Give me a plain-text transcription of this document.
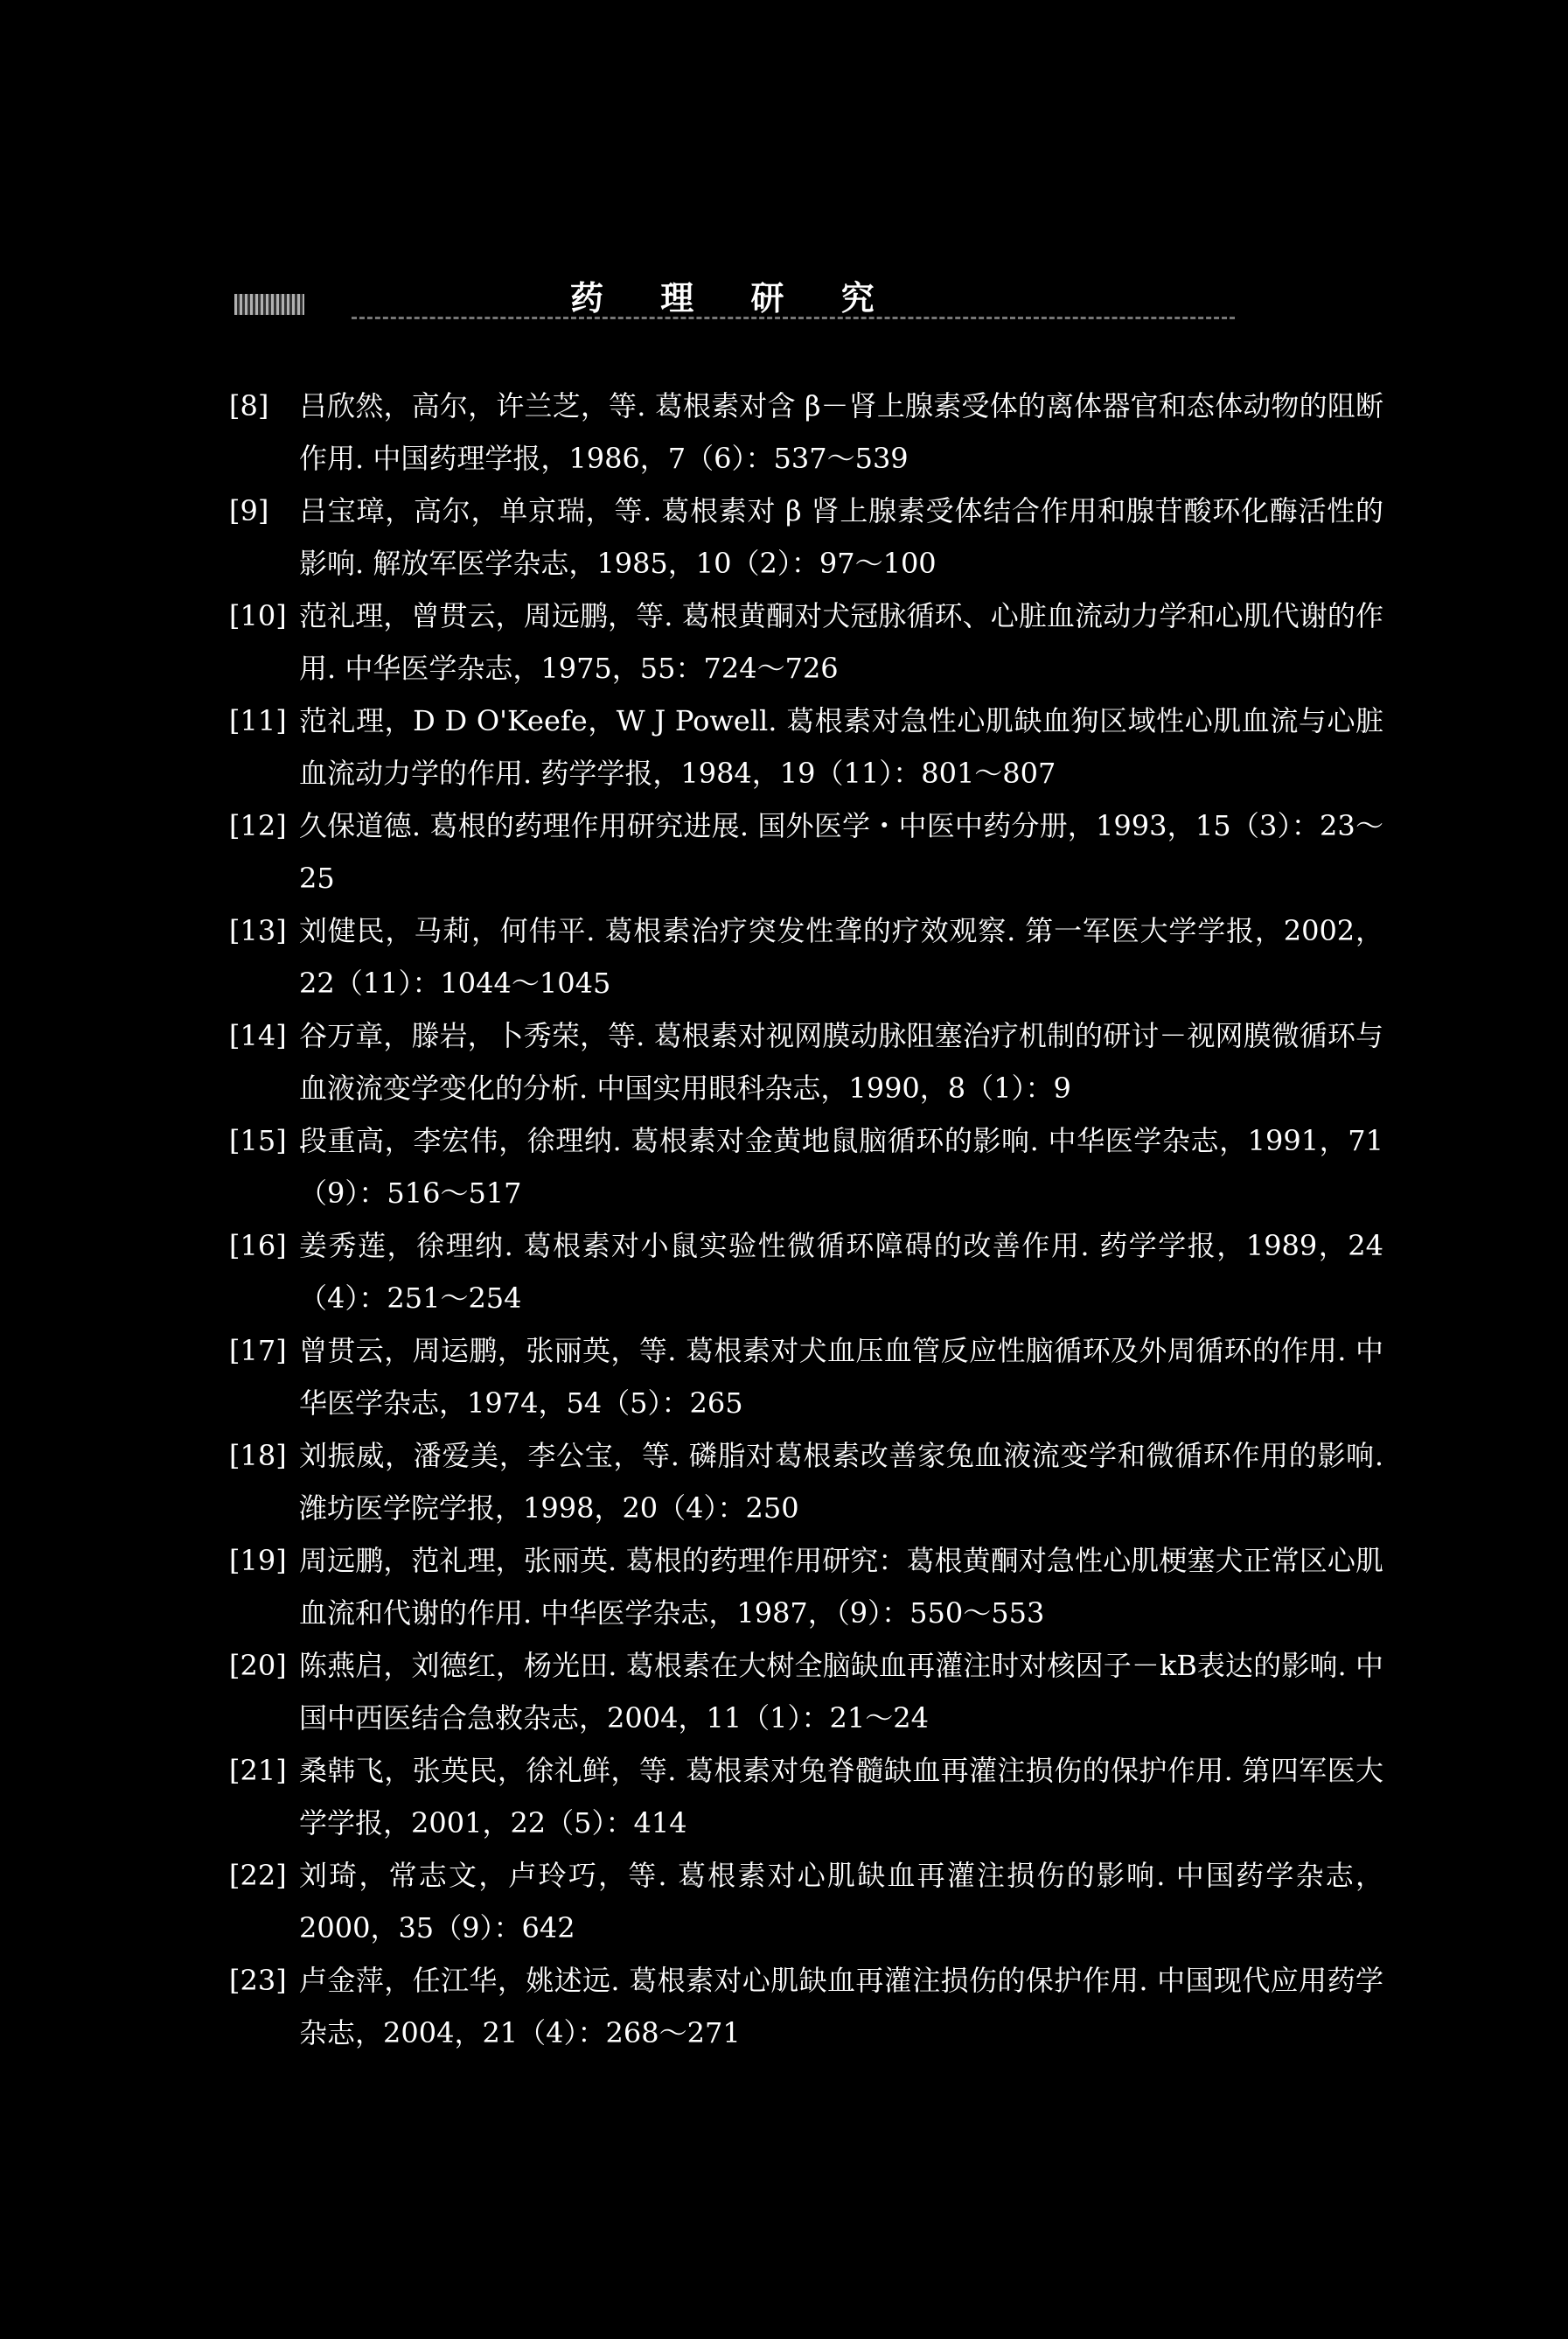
药 理 研 究
[8] 吕欣然，高尔，许兰芝，等. 葛根素对含 β－肾上腺素受体的离体器官和态体动物的阻断作用. 中国药理学报，1986，7（6）：537～539
[9] 吕宝璋，高尔，单京瑞，等. 葛根素对 β 肾上腺素受体结合作用和腺苷酸环化酶活性的影响. 解放军医学杂志，1985，10（2）：97～100
[10] 范礼理，曾贯云，周远鹏，等. 葛根黄酮对犬冠脉循环、心脏血流动力学和心肌代谢的作用. 中华医学杂志，1975，55：724～726
[11] 范礼理，D D O'Keefe，W J Powell. 葛根素对急性心肌缺血狗区域性心肌血流与心脏血流动力学的作用. 药学学报，1984，19（11）：801～807
[12] 久保道德. 葛根的药理作用研究进展. 国外医学・中医中药分册，1993，15（3）：23～25
[13] 刘健民，马莉，何伟平. 葛根素治疗突发性聋的疗效观察. 第一军医大学学报，2002，22（11）：1044～1045
[14] 谷万章，滕岩，卜秀荣，等. 葛根素对视网膜动脉阻塞治疗机制的研讨－视网膜微循环与血液流变学变化的分析. 中国实用眼科杂志，1990，8（1）：9
[15] 段重高，李宏伟，徐理纳. 葛根素对金黄地鼠脑循环的影响. 中华医学杂志，1991，71（9）：516～517
[16] 姜秀莲，徐理纳. 葛根素对小鼠实验性微循环障碍的改善作用. 药学学报，1989，24（4）：251～254
[17] 曾贯云，周运鹏，张丽英，等. 葛根素对犬血压血管反应性脑循环及外周循环的作用. 中华医学杂志，1974，54（5）：265
[18] 刘振威，潘爱美，李公宝，等. 磷脂对葛根素改善家兔血液流变学和微循环作用的影响. 潍坊医学院学报，1998，20（4）：250
[19] 周远鹏，范礼理，张丽英. 葛根的药理作用研究：葛根黄酮对急性心肌梗塞犬正常区心肌血流和代谢的作用. 中华医学杂志，1987，（9）：550～553
[20] 陈燕启，刘德红，杨光田. 葛根素在大树全脑缺血再灌注时对核因子－kB表达的影响. 中国中西医结合急救杂志，2004，11（1）：21～24
[21] 桑韩飞，张英民，徐礼鲜，等. 葛根素对兔脊髓缺血再灌注损伤的保护作用. 第四军医大学学报，2001，22（5）：414
[22] 刘琦，常志文，卢玲巧，等. 葛根素对心肌缺血再灌注损伤的影响. 中国药学杂志，2000，35（9）：642
[23] 卢金萍，任江华，姚述远. 葛根素对心肌缺血再灌注损伤的保护作用. 中国现代应用药学杂志，2004，21（4）：268～271
